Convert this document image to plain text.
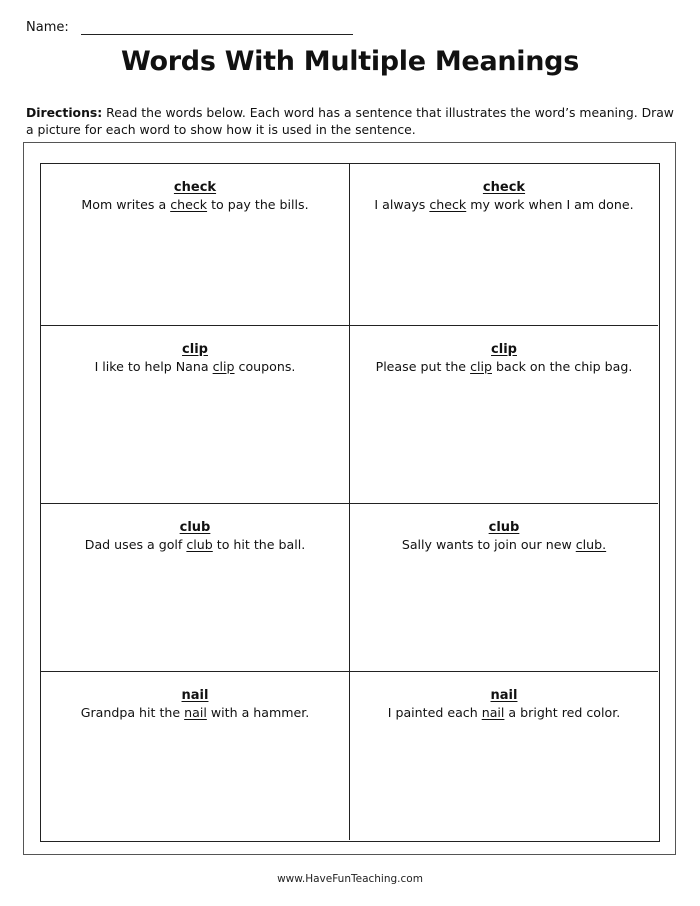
Name:
Words With Multiple Meanings
Directions: Read the words below. Each word has a sentence that illustrates the word’s meaning. Draw a picture for each word to show how it is used in the sentence.
check
Mom writes a check to pay the bills.
check
I always check my work when I am done.
clip
I like to help Nana clip coupons.
clip
Please put the clip back on the chip bag.
club
Dad uses a golf club to hit the ball.
club
Sally wants to join our new club.
nail
Grandpa hit the nail with a hammer.
nail
I painted each nail a bright red color.
www.HaveFunTeaching.com
